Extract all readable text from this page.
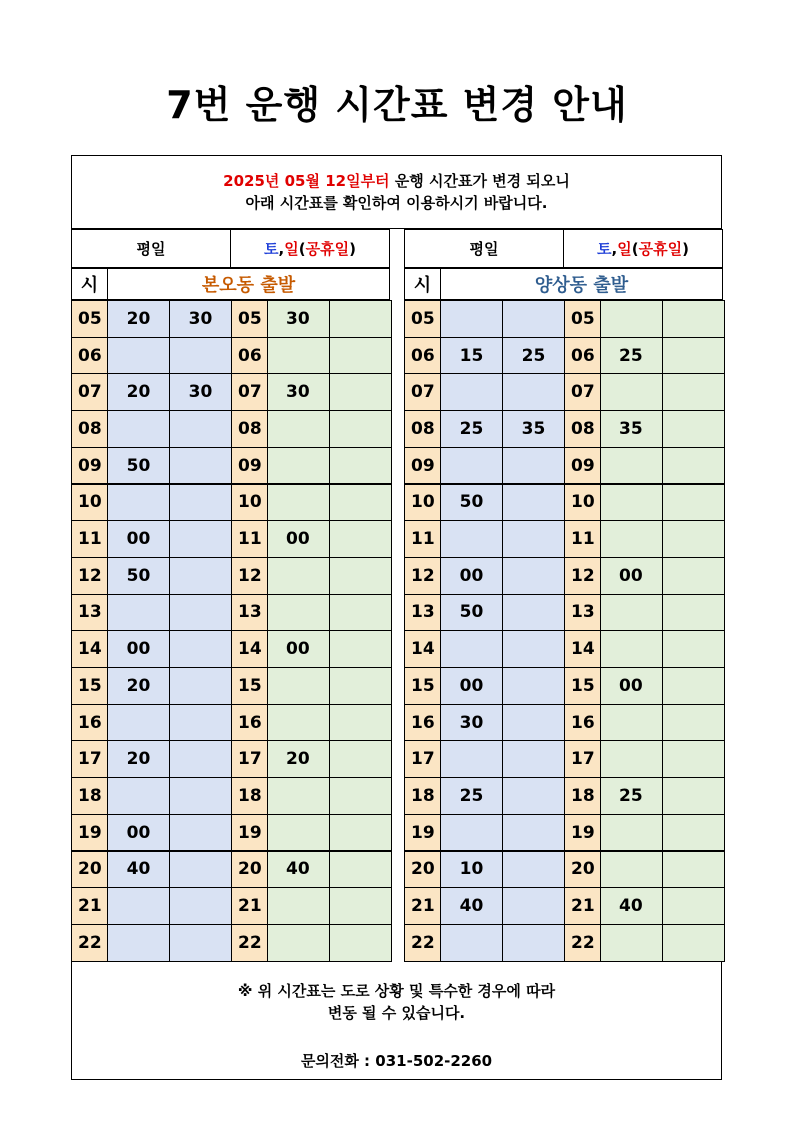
7번 운행 시간표 변경 안내
2025년 05월 12일부터 운행 시간표가 변경 되오니
아래 시간표를 확인하여 이용하시기 바랍니다.
평일	토 , 일 ( 공휴일 )
시	본오동 출발
05	20	30	05	30
06	06
07	20	30	07	30
08	08
09	50	09
10	10
11	00	11	00
12	50	12
13	13
14	00	14	00
15	20	15
16	16
17	20	17	20
18	18
19	00	19
20	40	20	40
21	21
22	22
평일	토 , 일 ( 공휴일 )
시	양상동 출발
05	05
06	15	25	06	25
07	07
08	25	35	08	35
09	09
10	50	10
11	11
12	00	12	00
13	50	13
14	14
15	00	15	00
16	30	16
17	17
18	25	18	25
19	19
20	10	20
21	40	21	40
22	22
※ 위 시간표는 도로 상황 및 특수한 경우에 따라
변동 될 수 있습니다.
문의전화 : 031-502-2260
